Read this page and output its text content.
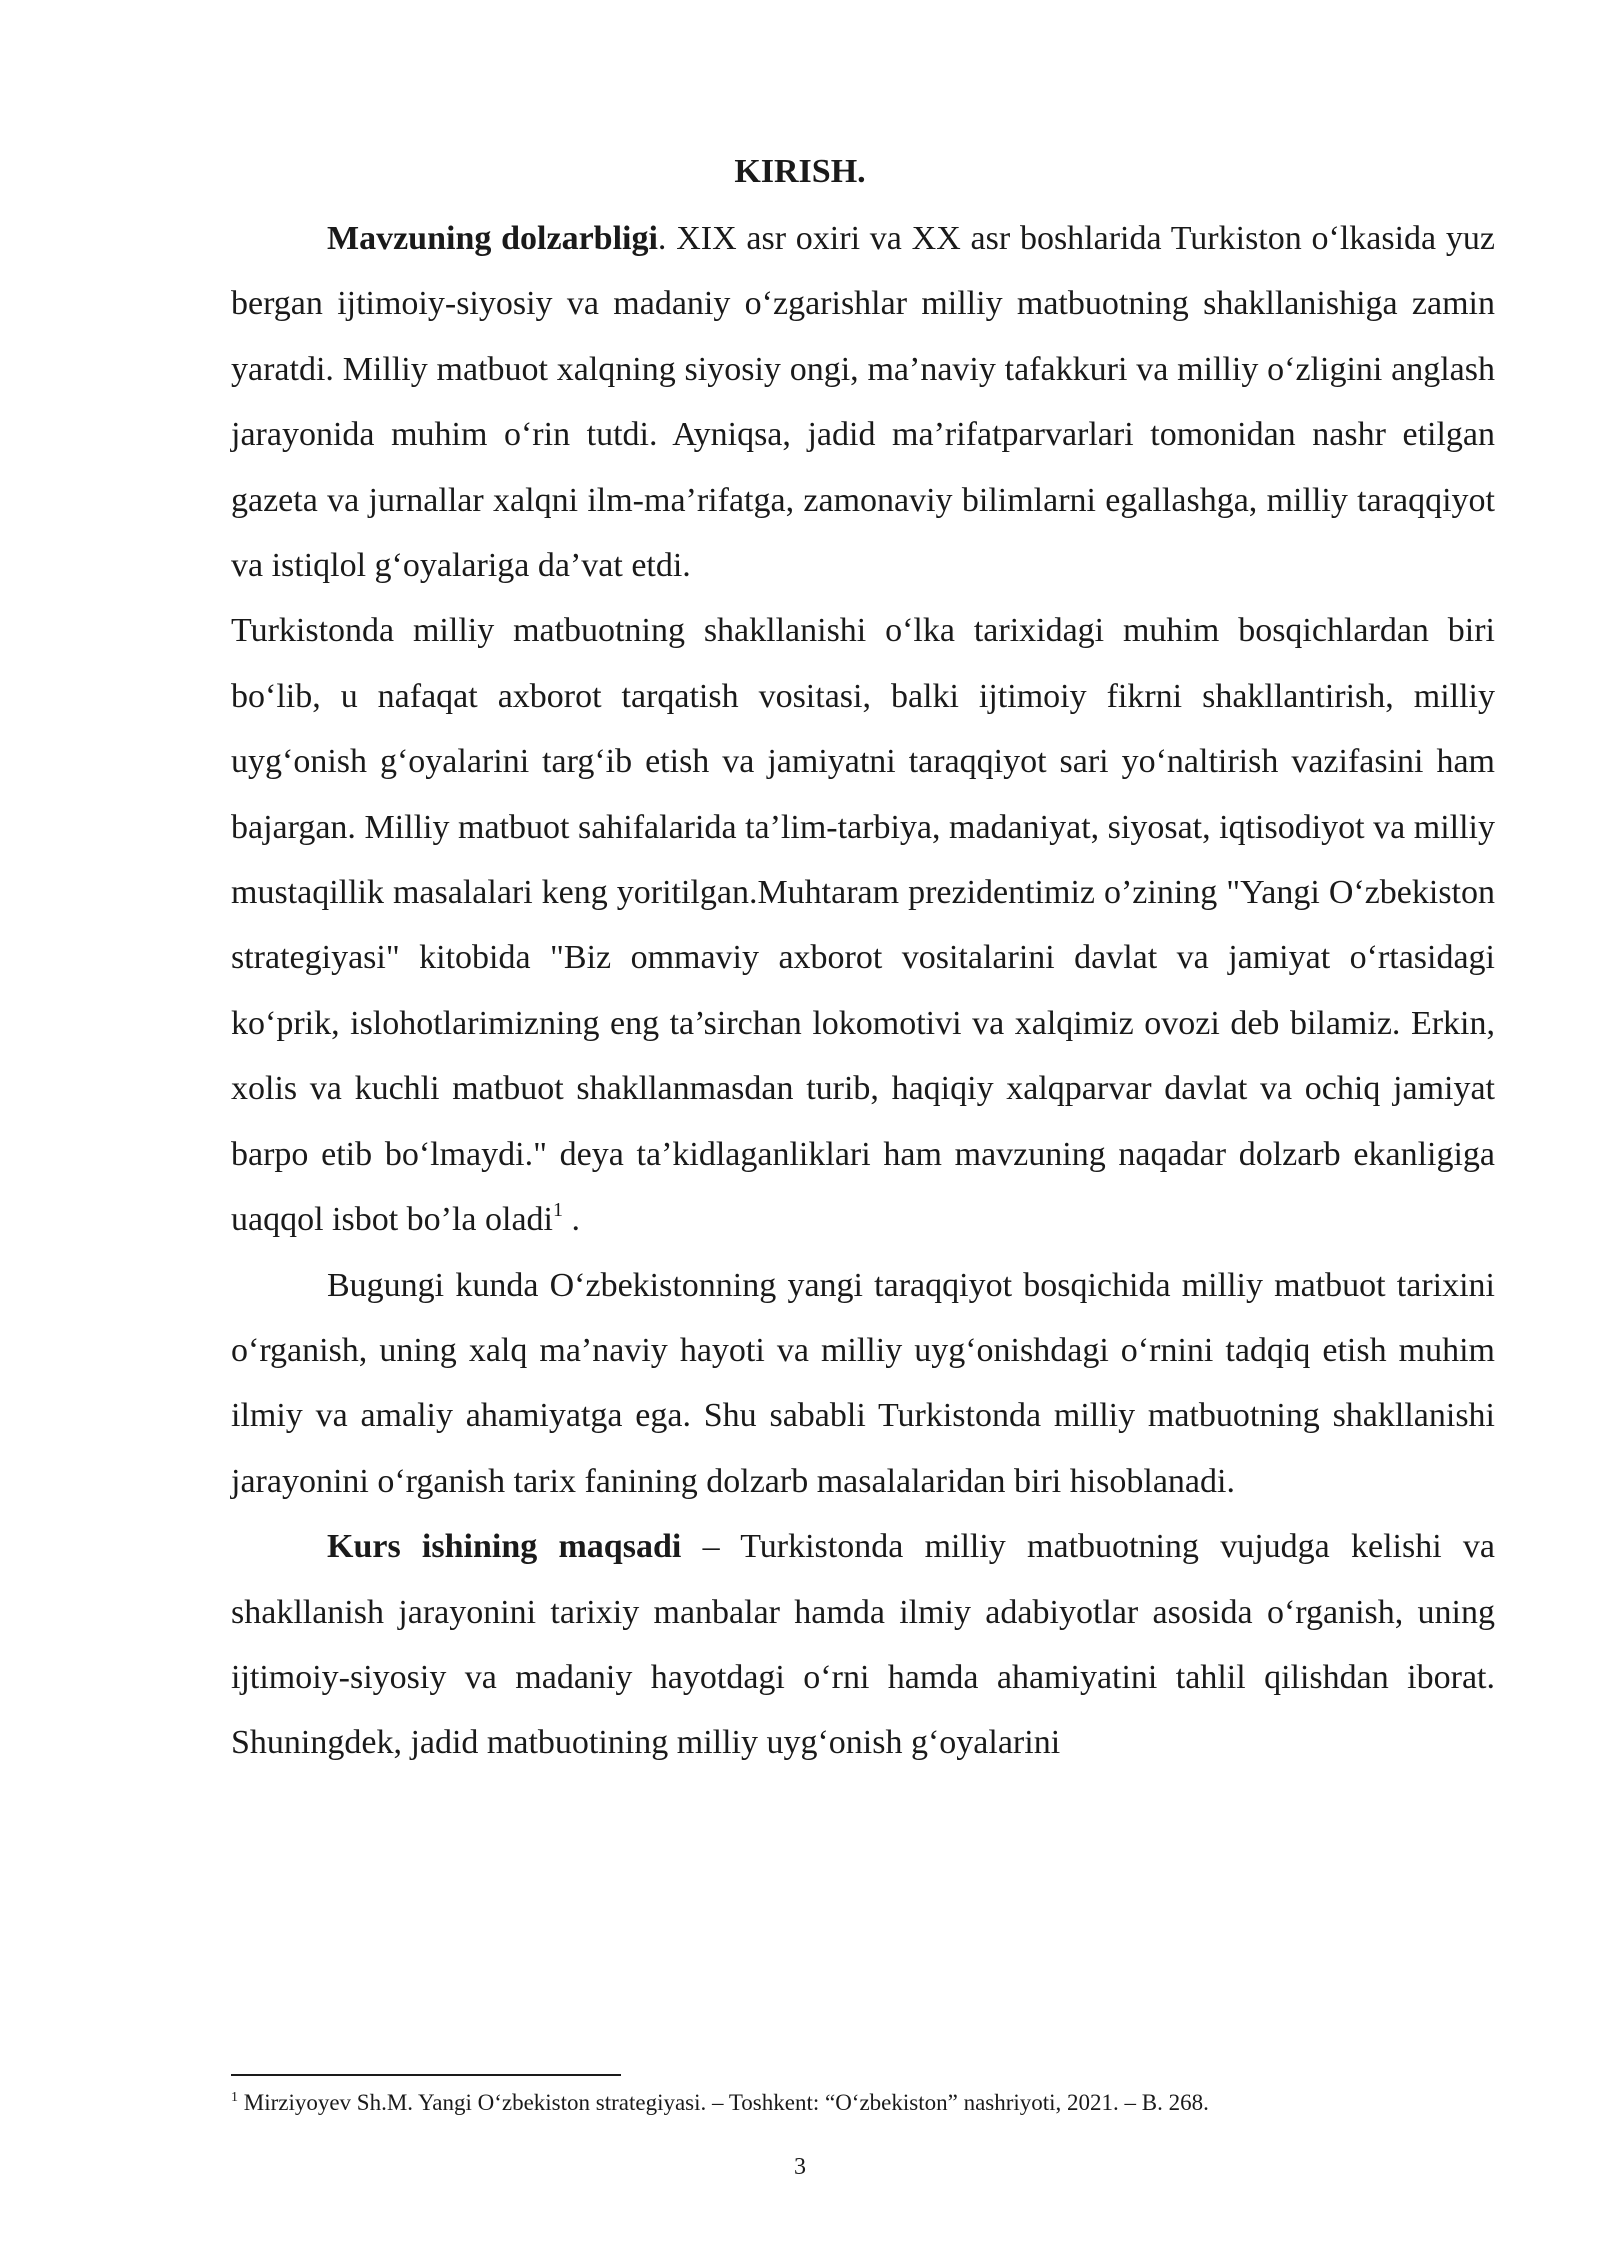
KIRISH.

Mavzuning dolzarbligi. XIX asr oxiri va XX asr boshlarida Turkiston o‘lkasida yuz bergan ijtimoiy-siyosiy va madaniy o‘zgarishlar milliy matbuotning shakllanishiga zamin yaratdi. Milliy matbuot xalqning siyosiy ongi, ma’naviy tafakkuri va milliy o‘zligini anglash jarayonida muhim o‘rin tutdi. Ayniqsa, jadid ma’rifatparvarlari tomonidan nashr etilgan gazeta va jurnallar xalqni ilm-ma’rifatga, zamonaviy bilimlarni egallashga, milliy taraqqiyot va istiqlol g‘oyalariga da’vat etdi.

Turkistonda milliy matbuotning shakllanishi o‘lka tarixidagi muhim bosqichlardan biri bo‘lib, u nafaqat axborot tarqatish vositasi, balki ijtimoiy fikrni shakllantirish, milliy uyg‘onish g‘oyalarini targ‘ib etish va jamiyatni taraqqiyot sari yo‘naltirish vazifasini ham bajargan. Milliy matbuot sahifalarida ta’lim-tarbiya, madaniyat, siyosat, iqtisodiyot va milliy mustaqillik masalalari keng yoritilgan.Muhtaram prezidentimiz o’zining "Yangi O‘zbekiston strategiyasi" kitobida "Biz ommaviy axborot vositalarini davlat va jamiyat o‘rtasidagi ko‘prik, islohotlarimizning eng ta’sirchan lokomotivi va xalqimiz ovozi deb bilamiz. Erkin, xolis va kuchli matbuot shakllanmasdan turib, haqiqiy xalqparvar davlat va ochiq jamiyat barpo etib bo‘lmaydi." deya ta’kidlaganliklari ham mavzuning naqadar dolzarb ekanligiga uaqqol isbot bo’la oladi$^1$ .

Bugungi kunda O‘zbekistonning yangi taraqqiyot bosqichida milliy matbuot tarixini o‘rganish, uning xalq ma’naviy hayoti va milliy uyg‘onishdagi o‘rnini tadqiq etish muhim ilmiy va amaliy ahamiyatga ega. Shu sababli Turkistonda milliy matbuotning shakllanishi jarayonini o‘rganish tarix fanining dolzarb masalalaridan biri hisoblanadi.

Kurs ishining maqsadi – Turkistonda milliy matbuotning vujudga kelishi va shakllanish jarayonini tarixiy manbalar hamda ilmiy adabiyotlar asosida o‘rganish, uning ijtimoiy-siyosiy va madaniy hayotdagi o‘rni hamda ahamiyatini tahlil qilishdan iborat. Shuningdek, jadid matbuotining milliy uyg‘onish g‘oyalarini

$^1$ Mirziyoyev Sh.M. Yangi O‘zbekiston strategiyasi. – Toshkent: “O‘zbekiston” nashriyoti, 2021. – B. 268.
3
